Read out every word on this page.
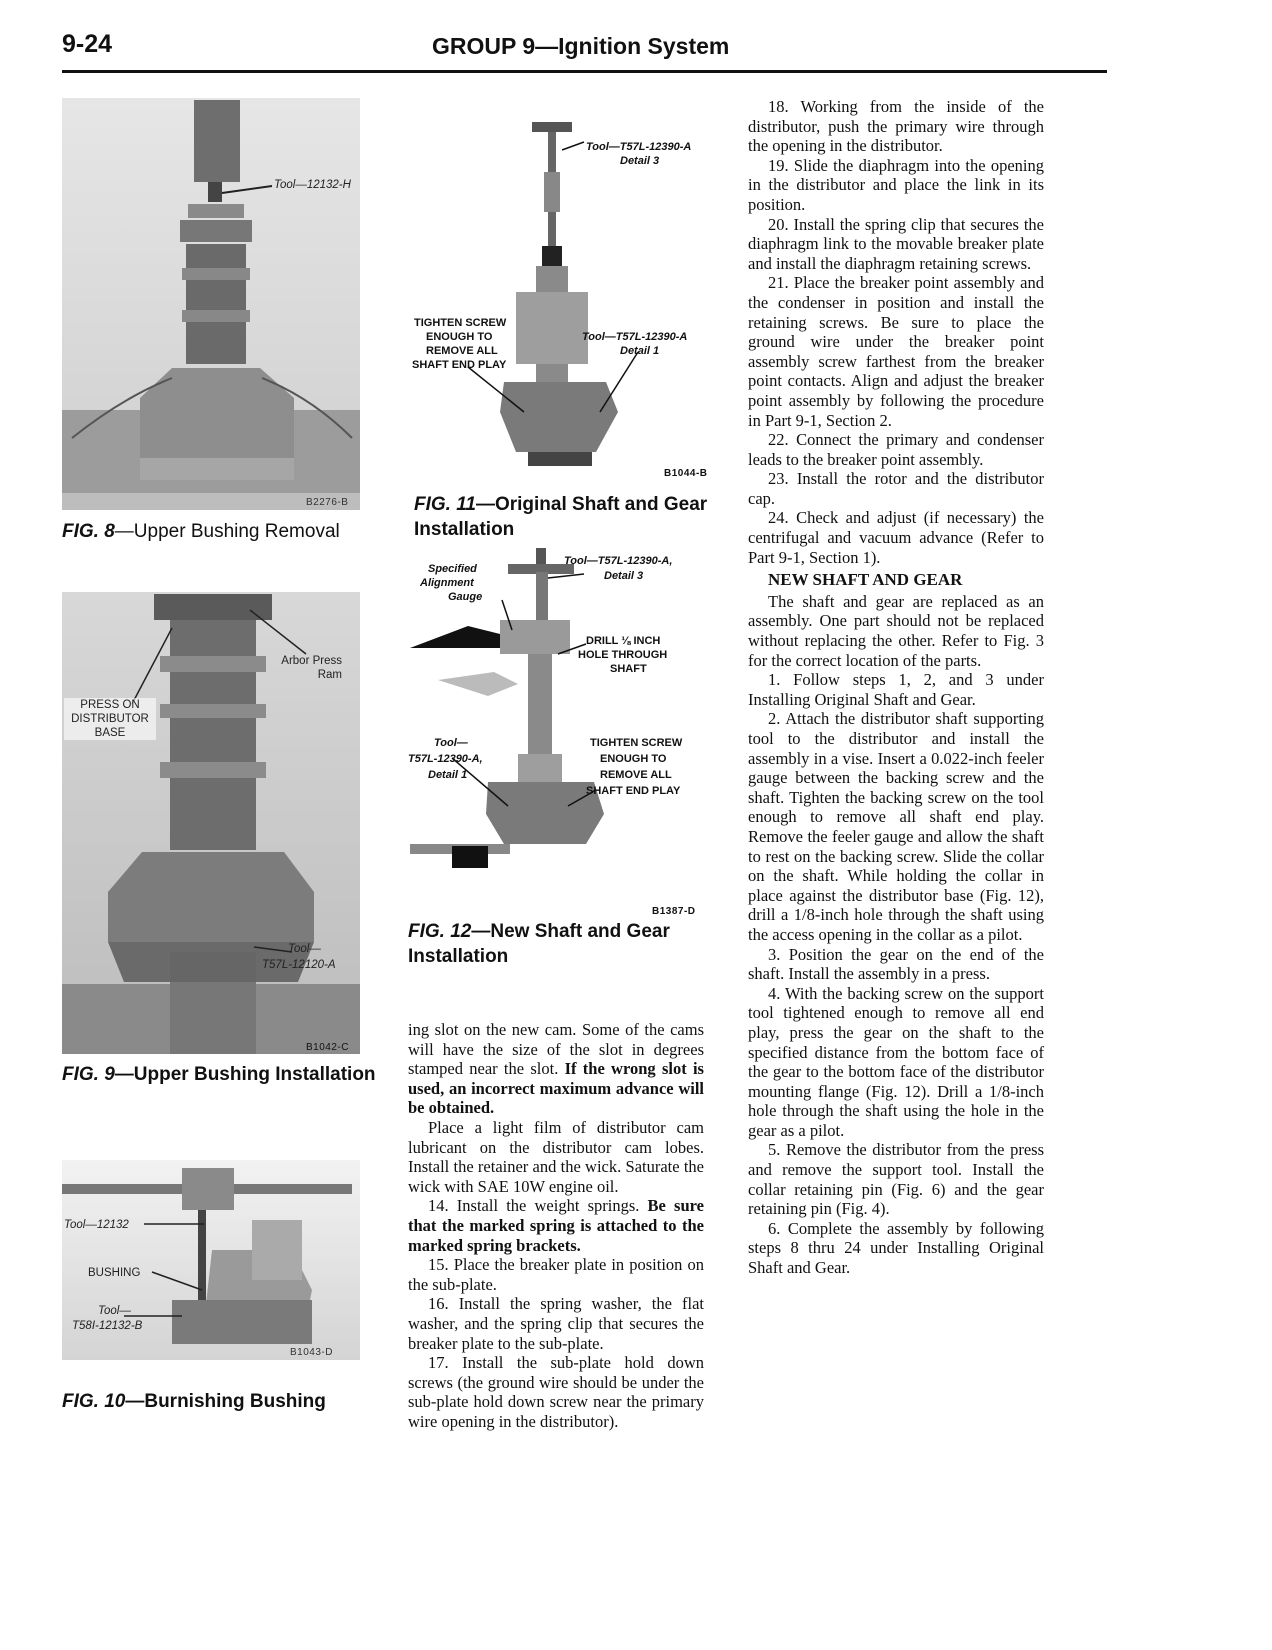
9-24	GROUP 9—Ignition System
Tool—12132-H
B2276-B
FIG. 8—Upper Bushing Removal
Arbor Press Ram
PRESS ON DISTRIBUTOR BASE
Tool—
T57L-12120-A
B1042-C
FIG. 9—Upper Bushing Installation
Tool—12132
BUSHING
Tool—
T58I-12132-B
B1043-D
FIG. 10—Burnishing Bushing
Tool—T57L-12390-A
Detail 3
TIGHTEN SCREW
ENOUGH TO
REMOVE ALL
SHAFT END PLAY
Tool—T57L-12390-A
Detail 1
B1044-B
FIG. 11—Original Shaft and Gear Installation
Specified
Alignment
Gauge
Tool—T57L-12390-A,
Detail 3
DRILL ⅛ INCH
HOLE THROUGH
SHAFT
Tool—
T57L-12390-A,
Detail 1
TIGHTEN SCREW
ENOUGH TO
REMOVE ALL
SHAFT END PLAY
B1387-D
FIG. 12—New Shaft and Gear Installation

ing slot on the new cam. Some of the cams will have the size of the slot in degrees stamped near the slot. If the wrong slot is used, an incorrect maximum advance will be obtained.

Place a light film of distributor cam lubricant on the distributor cam lobes. Install the retainer and the wick. Saturate the wick with SAE 10W engine oil.

14. Install the weight springs. Be sure that the marked spring is attached to the marked spring brackets.

15. Place the breaker plate in position on the sub-plate.

16. Install the spring washer, the flat washer, and the spring clip that secures the breaker plate to the sub-plate.

17. Install the sub-plate hold down screws (the ground wire should be under the sub-plate hold down screw near the primary wire opening in the distributor).

18. Working from the inside of the distributor, push the primary wire through the opening in the distributor.

19. Slide the diaphragm into the opening in the distributor and place the link in its position.

20. Install the spring clip that secures the diaphragm link to the movable breaker plate and install the diaphragm retaining screws.

21. Place the breaker point assembly and the condenser in position and install the retaining screws. Be sure to place the ground wire under the breaker point assembly screw farthest from the breaker point contacts. Align and adjust the breaker point assembly by following the procedure in Part 9-1, Section 2.

22. Connect the primary and condenser leads to the breaker point assembly.

23. Install the rotor and the distributor cap.

24. Check and adjust (if necessary) the centrifugal and vacuum advance (Refer to Part 9-1, Section 1).

NEW SHAFT AND GEAR

The shaft and gear are replaced as an assembly. One part should not be replaced without replacing the other. Refer to Fig. 3 for the correct location of the parts.

1. Follow steps 1, 2, and 3 under Installing Original Shaft and Gear.

2. Attach the distributor shaft supporting tool to the distributor and install the assembly in a vise. Insert a 0.022-inch feeler gauge between the backing screw and the shaft. Tighten the backing screw on the tool enough to remove all shaft end play. Remove the feeler gauge and allow the shaft to rest on the backing screw. Slide the collar on the shaft. While holding the collar in place against the distributor base (Fig. 12), drill a 1/8-inch hole through the shaft using the access opening in the collar as a pilot.

3. Position the gear on the end of the shaft. Install the assembly in a press.

4. With the backing screw on the support tool tightened enough to remove all end play, press the gear on the shaft to the specified distance from the bottom face of the gear to the bottom face of the distributor mounting flange (Fig. 12). Drill a 1/8-inch hole through the shaft using the hole in the gear as a pilot.

5. Remove the distributor from the press and remove the support tool. Install the collar retaining pin (Fig. 6) and the gear retaining pin (Fig. 4).

6. Complete the assembly by following steps 8 thru 24 under Installing Original Shaft and Gear.
